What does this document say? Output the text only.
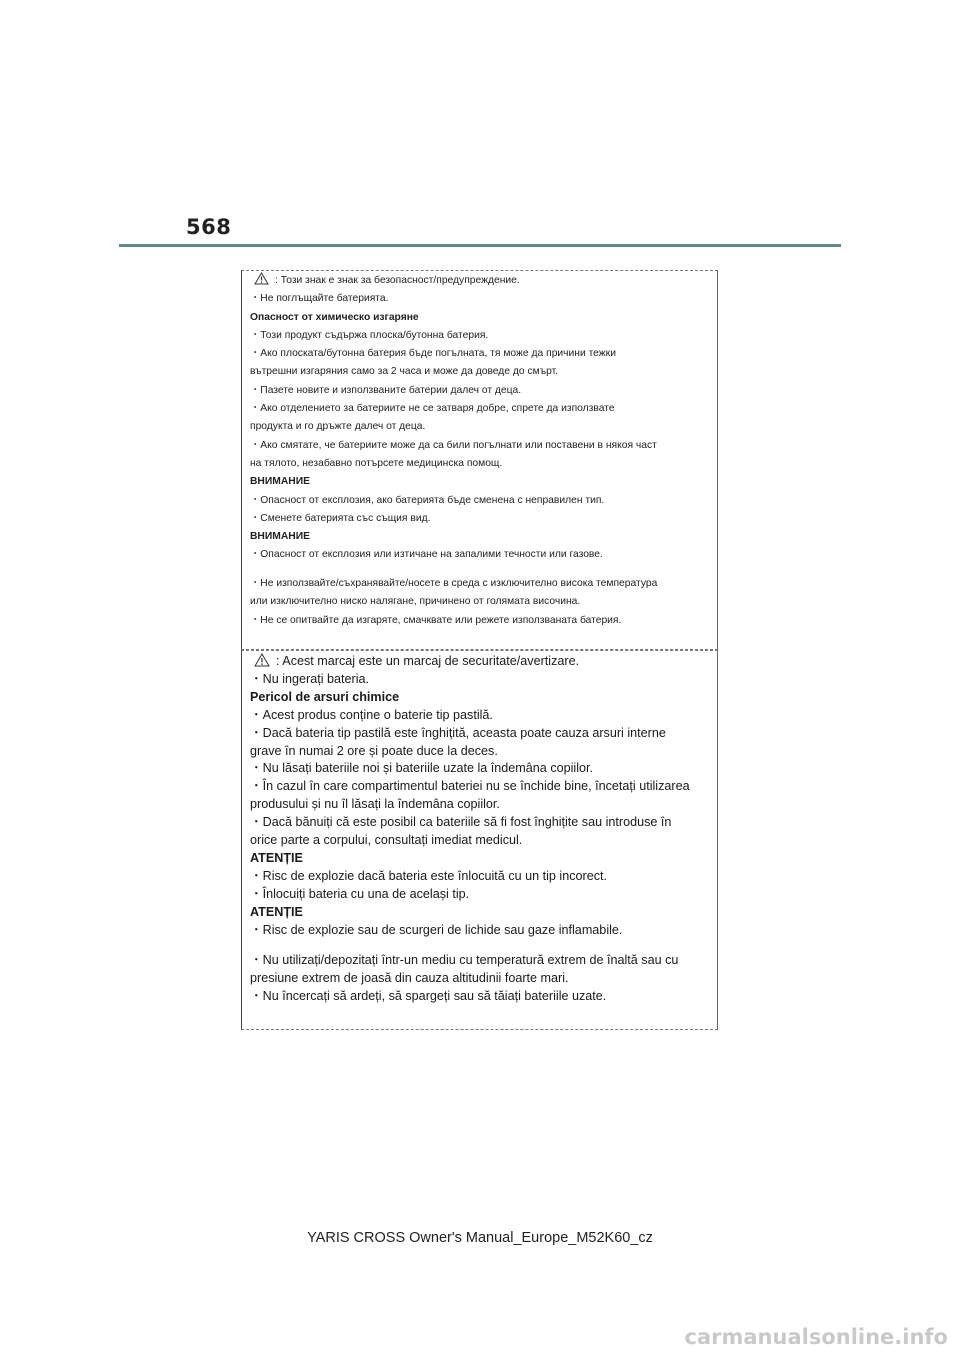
568

: Този знак е знак за безопасност/предупреждение.

・Не поглъщайте батерията.

Опасност от химическо изгаряне

・Този продукт съдържа плоска/бутонна батерия.

・Ако плоската/бутонна батерия бъде погълната, тя може да причини тежки

вътрешни изгаряния само за 2 часа и може да доведе до смърт.

・Пазете новите и използваните батерии далеч от деца.

・Ако отделението за батериите не се затваря добре, спрете да използвате

продукта и го дръжте далеч от деца.

・Ако смятате, че батериите може да са били погълнати или поставени в някоя част

на тялото, незабавно потърсете медицинска помощ.

ВНИМАНИЕ

・Опасност от експлозия, ако батерията бъде сменена с неправилен тип.

・Сменете батерията със същия вид.

ВНИМАНИЕ

・Опасност от експлозия или изтичане на запалими течности или газове.

・Не използвайте/съхранявайте/носете в среда с изключително висока температура

или изключително ниско налягане, причинено от голямата височина.

・Не се опитвайте да изгаряте, смачквате или режете използваната батерия.

: Acest marcaj este un marcaj de securitate/avertizare.

・Nu ingerați bateria.

Pericol de arsuri chimice

・Acest produs conține o baterie tip pastilă.

・Dacă bateria tip pastilă este înghițită, aceasta poate cauza arsuri interne

grave în numai 2 ore și poate duce la deces.

・Nu lăsați bateriile noi și bateriile uzate la îndemâna copiilor.

・În cazul în care compartimentul bateriei nu se închide bine, încetați utilizarea

produsului și nu îl lăsați la îndemâna copiilor.

・Dacă bănuiți că este posibil ca bateriile să fi fost înghițite sau introduse în

orice parte a corpului, consultați imediat medicul.

ATENȚIE

・Risc de explozie dacă bateria este înlocuită cu un tip incorect.

・Înlocuiți bateria cu una de același tip.

ATENȚIE

・Risc de explozie sau de scurgeri de lichide sau gaze inflamabile.

・Nu utilizați/depozitați într-un mediu cu temperatură extrem de înaltă sau cu

presiune extrem de joasă din cauza altitudinii foarte mari.

・Nu încercați să ardeți, să spargeți sau să tăiați bateriile uzate.

YARIS CROSS Owner's Manual_Europe_M52K60_cz
carmanualsonline.info
